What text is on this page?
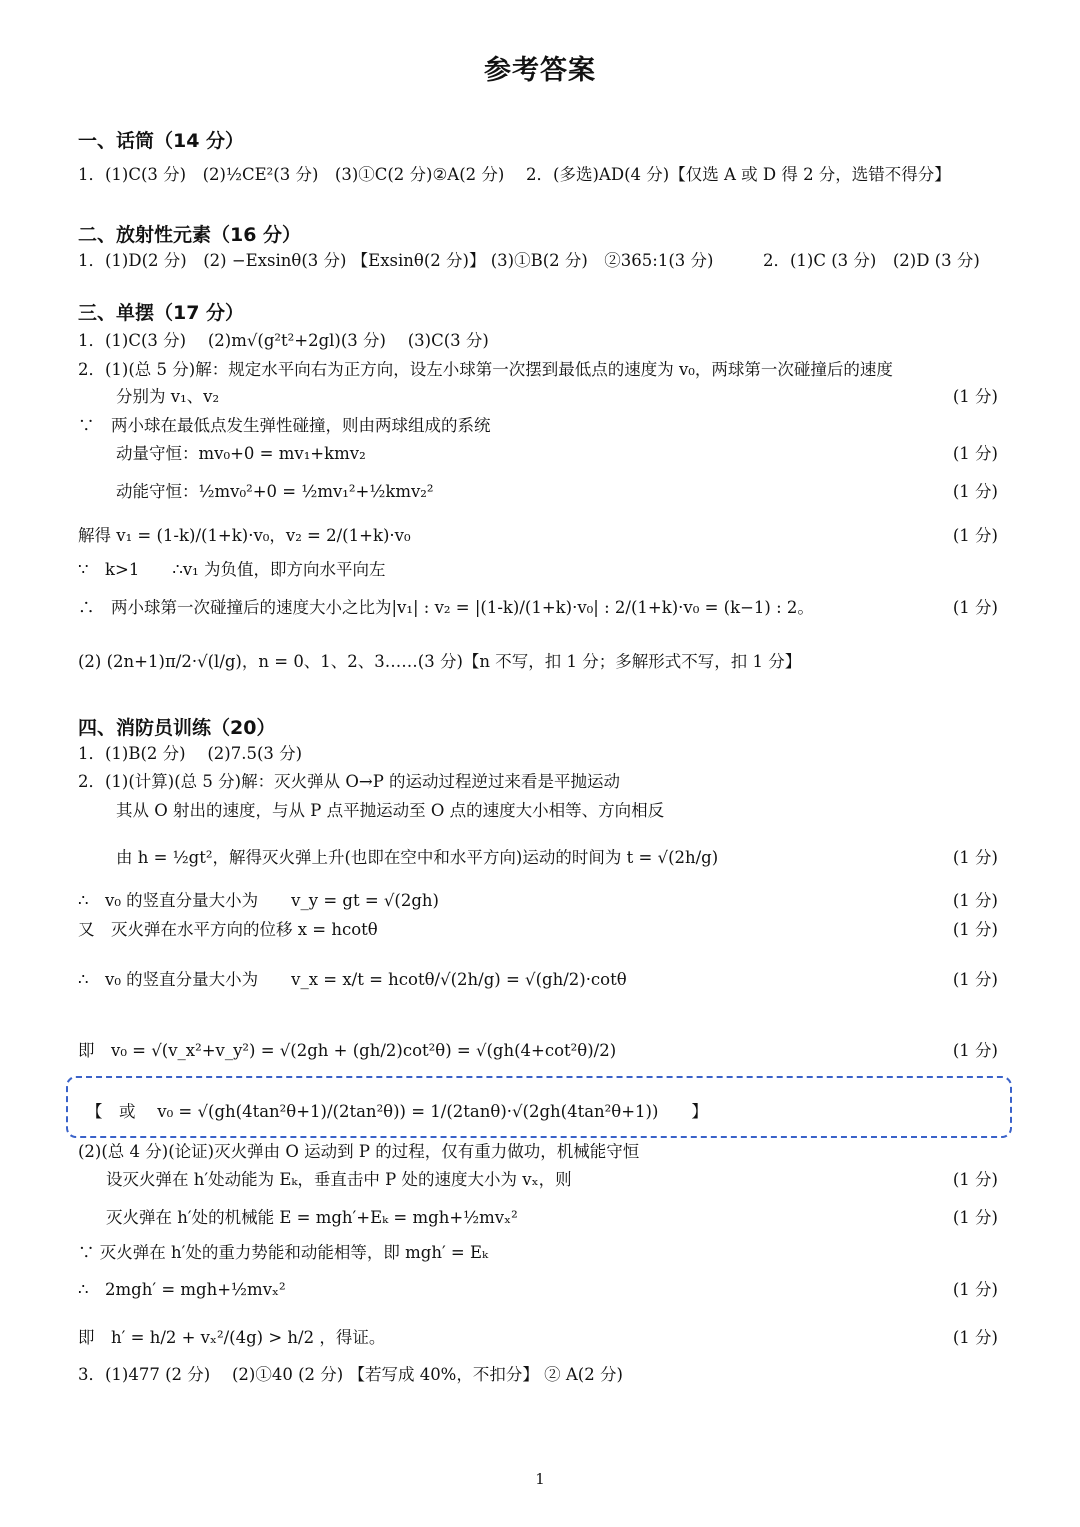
参考答案
一、话筒（14 分）
1．(1)C(3 分)　(2)½CE²(3 分)　(3)①C(2 分)②A(2 分)　 2．(多选)AD(4 分)【仅选 A 或 D 得 2 分，选错不得分】
二、放射性元素（16 分）
1．(1)D(2 分)　(2) −Exsinθ(3 分) 【Exsinθ(2 分)】 (3)①B(2 分)　②365:1(3 分)　　　2．(1)C (3 分)　(2)D (3 分)
三、单摆（17 分）
1．(1)C(3 分)　 (2)m√(g²t²+2gl)(3 分)　 (3)C(3 分)
2．(1)(总 5 分)解：规定水平向右为正方向，设左小球第一次摆到最低点的速度为 v₀，两球第一次碰撞后的速度
分别为 v₁、v₂	(1 分)
∵　两小球在最低点发生弹性碰撞，则由两球组成的系统
动量守恒：mv₀+0 = mv₁+kmv₂	(1 分)
动能守恒：½mv₀²+0 = ½mv₁²+½kmv₂²	(1 分)
解得 v₁ = (1-k)/(1+k)·v₀，v₂ = 2/(1+k)·v₀	(1 分)
∵　k>1　　∴v₁ 为负值，即方向水平向左
∴　两小球第一次碰撞后的速度大小之比为|v₁| : v₂ = |(1-k)/(1+k)·v₀| : 2/(1+k)·v₀ = (k−1) : 2。	(1 分)
(2) (2n+1)π/2·√(l/g)，n = 0、1、2、3……(3 分)【n 不写，扣 1 分；多解形式不写，扣 1 分】
四、消防员训练（20）
1．(1)B(2 分)　 (2)7.5(3 分)
2．(1)(计算)(总 5 分)解：灭火弹从 O→P 的运动过程逆过来看是平抛运动
其从 O 射出的速度，与从 P 点平抛运动至 O 点的速度大小相等、方向相反
由 h = ½gt²，解得灭火弹上升(也即在空中和水平方向)运动的时间为 t = √(2h/g)	(1 分)
∴　v₀ 的竖直分量大小为　　v_y = gt = √(2gh)	(1 分)
又　灭火弹在水平方向的位移 x = hcotθ	(1 分)
∴　v₀ 的竖直分量大小为　　v_x = x/t = hcotθ/√(2h/g) = √(gh/2)·cotθ	(1 分)
即　v₀ = √(v_x²+v_y²) = √(2gh + (gh/2)cot²θ) = √(gh(4+cot²θ)/2)	(1 分)
【　或　 v₀ = √(gh(4tan²θ+1)/(2tan²θ)) = 1/(2tanθ)·√(2gh(4tan²θ+1))　　】
(2)(总 4 分)(论证)灭火弹由 O 运动到 P 的过程，仅有重力做功，机械能守恒
设灭火弹在 h′处动能为 Eₖ，垂直击中 P 处的速度大小为 vₓ，则	(1 分)
灭火弹在 h′处的机械能 E = mgh′+Eₖ = mgh+½mvₓ²	(1 分)
∵ 灭火弹在 h′处的重力势能和动能相等，即 mgh′ = Eₖ
∴　2mgh′ = mgh+½mvₓ²	(1 分)
即　h′ = h/2 + vₓ²/(4g) > h/2 ，得证。	(1 分)
3．(1)477 (2 分)　 (2)①40 (2 分) 【若写成 40%，不扣分】 ② A(2 分)
1
